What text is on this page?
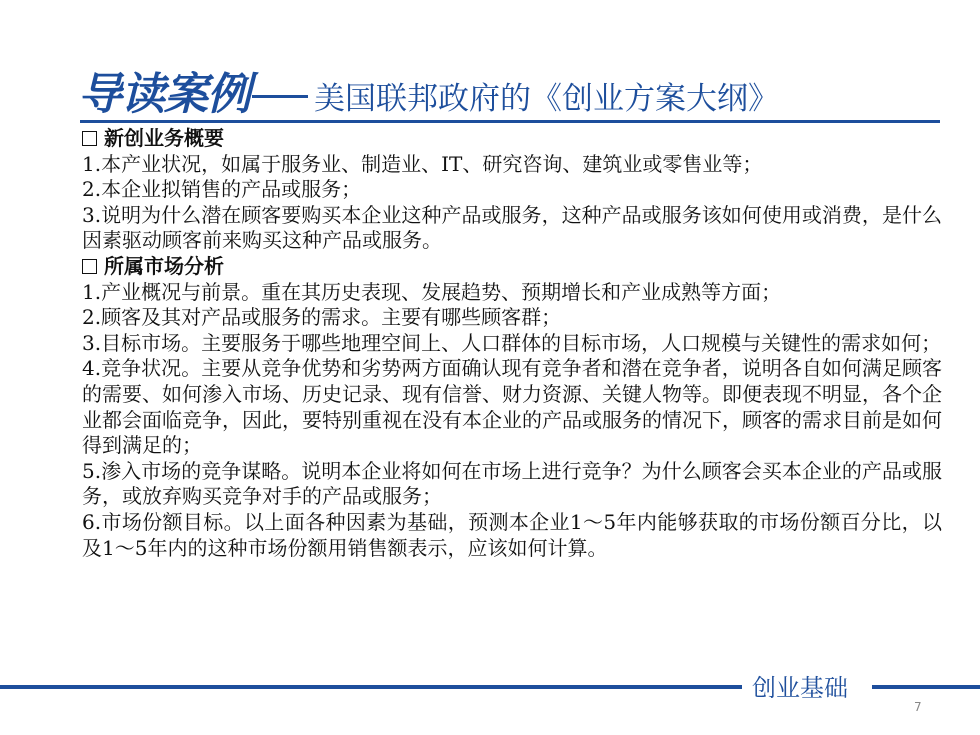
导读案例 美国联邦政府的《创业方案大纲》
新创业务概要
1.本产业状况，如属于服务业、制造业、IT、研究咨询、建筑业或零售业等；
2.本企业拟销售的产品或服务；
3.说明为什么潜在顾客要购买本企业这种产品或服务，这种产品或服务该如何使用或消费，是什么因素驱动顾客前来购买这种产品或服务。
所属市场分析
1.产业概况与前景。重在其历史表现、发展趋势、预期增长和产业成熟等方面；
2.顾客及其对产品或服务的需求。主要有哪些顾客群；
3.目标市场。主要服务于哪些地理空间上、人口群体的目标市场，人口规模与关键性的需求如何；
4.竞争状况。主要从竞争优势和劣势两方面确认现有竞争者和潜在竞争者，说明各自如何满足顾客的需要、如何渗入市场、历史记录、现有信誉、财力资源、关键人物等。即便表现不明显，各个企业都会面临竞争，因此，要特别重视在没有本企业的产品或服务的情况下，顾客的需求目前是如何得到满足的；
5.渗入市场的竞争谋略。说明本企业将如何在市场上进行竞争？为什么顾客会买本企业的产品或服务，或放弃购买竞争对手的产品或服务；
6.市场份额目标。以上面各种因素为基础，预测本企业1～5年内能够获取的市场份额百分比，以及1～5年内的这种市场份额用销售额表示，应该如何计算。
创业基础
7
